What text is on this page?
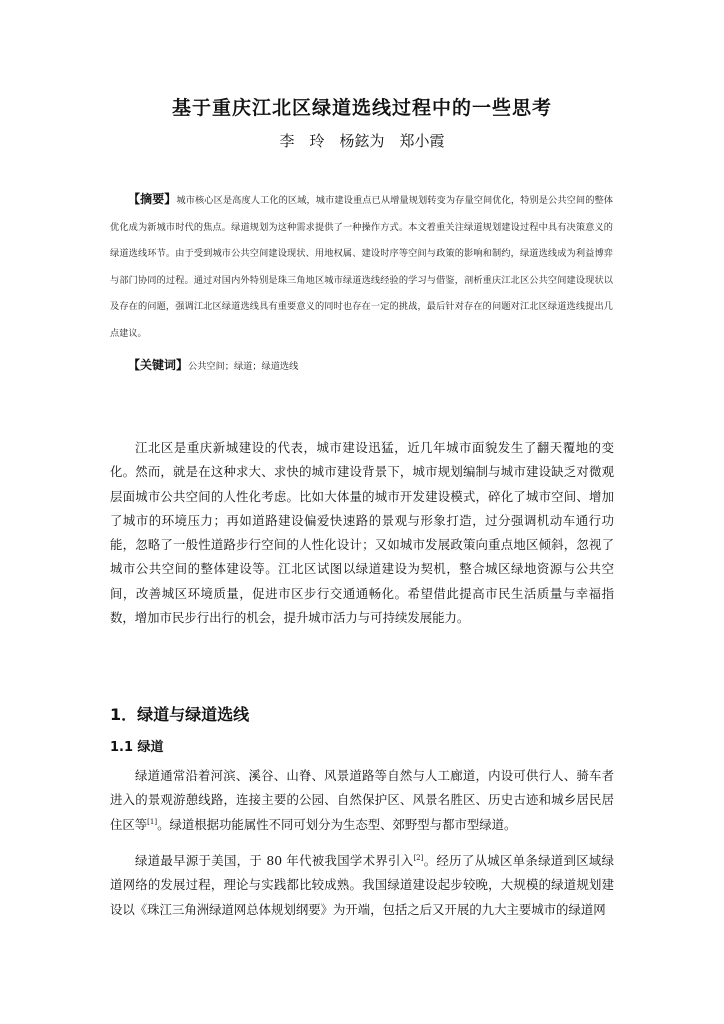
基于重庆江北区绿道选线过程中的一些思考
李　玲　杨鉉为　郑小霞
【摘要】城市核心区是高度人工化的区域，城市建设重点已从增量规划转变为存量空间优化，特别是公共空间的整体优化成为新城市时代的焦点。绿道规划为这种需求提供了一种操作方式。本文着重关注绿道规划建设过程中具有决策意义的绿道选线环节。由于受到城市公共空间建设现状、用地权属、建设时序等空间与政策的影响和制约，绿道选线成为利益博弈与部门协同的过程。通过对国内外特别是珠三角地区城市绿道选线经验的学习与借鉴，剖析重庆江北区公共空间建设现状以及存在的问题，强调江北区绿道选线具有重要意义的同时也存在一定的挑战，最后针对存在的问题对江北区绿道选线提出几点建议。
【关键词】公共空间；绿道；绿道选线
江北区是重庆新城建设的代表，城市建设迅猛，近几年城市面貌发生了翻天覆地的变化。然而，就是在这种求大、求快的城市建设背景下，城市规划编制与城市建设缺乏对微观层面城市公共空间的人性化考虑。比如大体量的城市开发建设模式，碎化了城市空间、增加了城市的环境压力；再如道路建设偏爱快速路的景观与形象打造，过分强调机动车通行功能，忽略了一般性道路步行空间的人性化设计；又如城市发展政策向重点地区倾斜，忽视了城市公共空间的整体建设等。江北区试图以绿道建设为契机，整合城区绿地资源与公共空间，改善城区环境质量，促进市区步行交通通畅化。希望借此提高市民生活质量与幸福指数，增加市民步行出行的机会，提升城市活力与可持续发展能力。
1．绿道与绿道选线
1.1 绿道
绿道通常沿着河滨、溪谷、山脊、风景道路等自然与人工廊道，内设可供行人、骑车者进入的景观游憩线路，连接主要的公园、自然保护区、风景名胜区、历史古迹和城乡居民居住区等[1]。绿道根据功能属性不同可划分为生态型、郊野型与都市型绿道。
绿道最早源于美国，于 80 年代被我国学术界引入[2]。经历了从城区单条绿道到区域绿道网络的发展过程，理论与实践都比较成熟。我国绿道建设起步较晚，大规模的绿道规划建设以《珠江三角洲绿道网总体规划纲要》为开端，包括之后又开展的九大主要城市的绿道网
